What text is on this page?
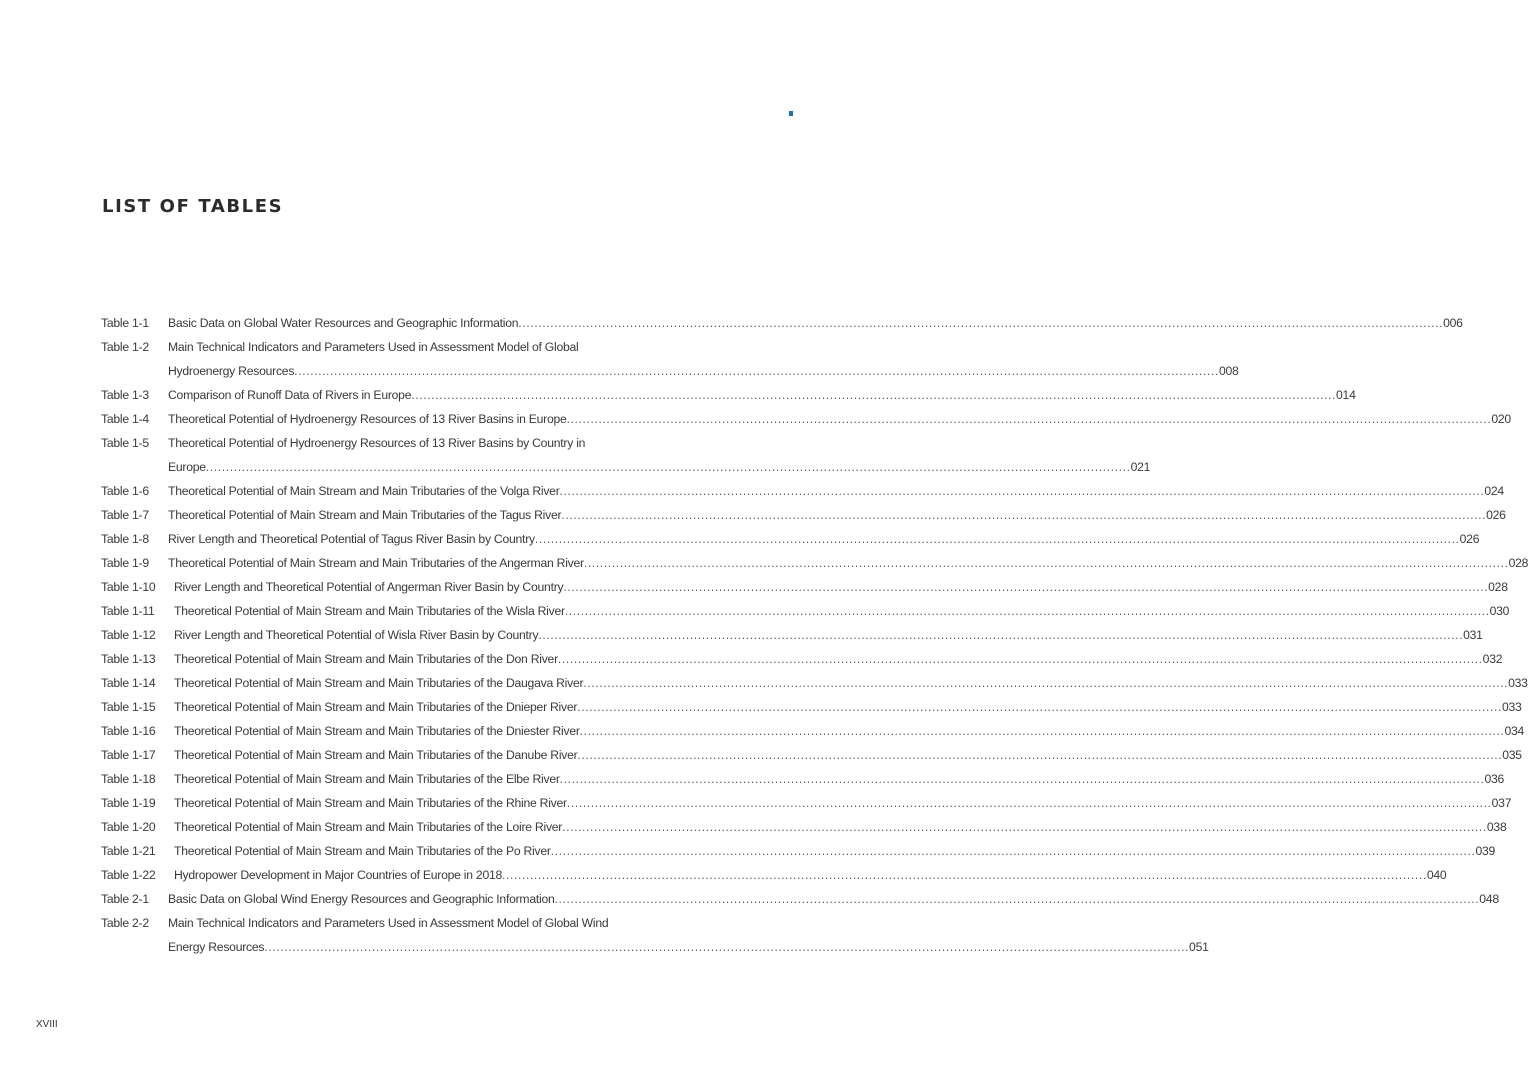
LIST OF TABLES
Table 1-1	Basic Data on Global Water Resources and Geographic Information .....	006
Table 1-2	Main Technical Indicators and Parameters Used in Assessment Model of Global
Hydroenergy Resources .....	008
Table 1-3	Comparison of Runoff Data of Rivers in Europe .....	014
Table 1-4	Theoretical Potential of Hydroenergy Resources of 13 River Basins in Europe .....	020
Table 1-5	Theoretical Potential of Hydroenergy Resources of 13 River Basins by Country in
Europe .....	021
Table 1-6	Theoretical Potential of Main Stream and Main Tributaries of the Volga River .....	024
Table 1-7	Theoretical Potential of Main Stream and Main Tributaries of the Tagus River .....	026
Table 1-8	River Length and Theoretical Potential of Tagus River Basin by Country .....	026
Table 1-9	Theoretical Potential of Main Stream and Main Tributaries of the Angerman River .....	028
Table 1-10	River Length and Theoretical Potential of Angerman River Basin by Country .....	028
Table 1-11	Theoretical Potential of Main Stream and Main Tributaries of the Wisla River .....	030
Table 1-12	River Length and Theoretical Potential of Wisla River Basin by Country .....	031
Table 1-13	Theoretical Potential of Main Stream and Main Tributaries of the Don River .....	032
Table 1-14	Theoretical Potential of Main Stream and Main Tributaries of the Daugava River .....	033
Table 1-15	Theoretical Potential of Main Stream and Main Tributaries of the Dnieper River .....	033
Table 1-16	Theoretical Potential of Main Stream and Main Tributaries of the Dniester River .....	034
Table 1-17	Theoretical Potential of Main Stream and Main Tributaries of the Danube River .....	035
Table 1-18	Theoretical Potential of Main Stream and Main Tributaries of the Elbe River .....	036
Table 1-19	Theoretical Potential of Main Stream and Main Tributaries of the Rhine River .....	037
Table 1-20	Theoretical Potential of Main Stream and Main Tributaries of the Loire River .....	038
Table 1-21	Theoretical Potential of Main Stream and Main Tributaries of the Po River .....	039
Table 1-22	Hydropower Development in Major Countries of Europe in 2018 .....	040
Table 2-1	Basic Data on Global Wind Energy Resources and Geographic Information .....	048
Table 2-2	Main Technical Indicators and Parameters Used in Assessment Model of Global Wind
Energy Resources .....	051
XVIII
